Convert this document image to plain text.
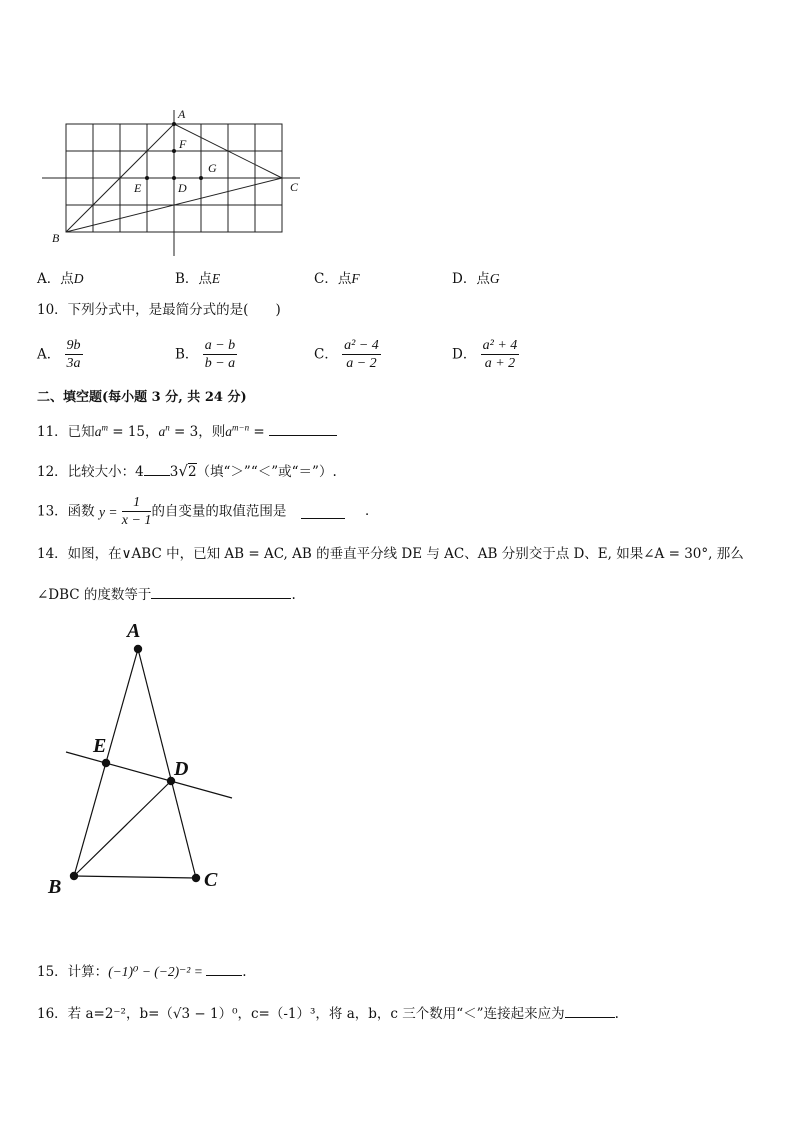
A
F
G
E	D	C
B
A．点D	B．点E	C．点F	D．点G
10．下列分式中，是最简分式的是(　　)
A． $\frac{9b}{3a}$	B． $\frac{a - b}{b - a}$	C． $\frac{\text{a² − 4}}{a - 2}$	D． $\frac{\text{a² + 4}}{a + 2}$
二、填空题(每小题 3 分, 共 24 分)
11．已知$a^m = 15$，$a^n = 3$，则$a^{m-n}$ =
12．比较大小：4 3√2（填“＞”“＜”或“＝”）.
13．函数 $y = \frac{1}{x - 1}$ 的自变量的取值范围是	．
14．如图，在∨ABC 中，已知 AB = AC, AB 的垂直平分线 DE 与 AC、AB 分别交于点 D、E, 如果∠A = 30°, 那么
∠DBC 的度数等于	.
A
E
D
B	C
15．计算：(−1)⁰ − (−2)⁻² =	.
16．若 a=2⁻²，b=（√3 − 1）⁰，c=（-1）³，将 a，b，c 三个数用“＜”连接起来应为	.
